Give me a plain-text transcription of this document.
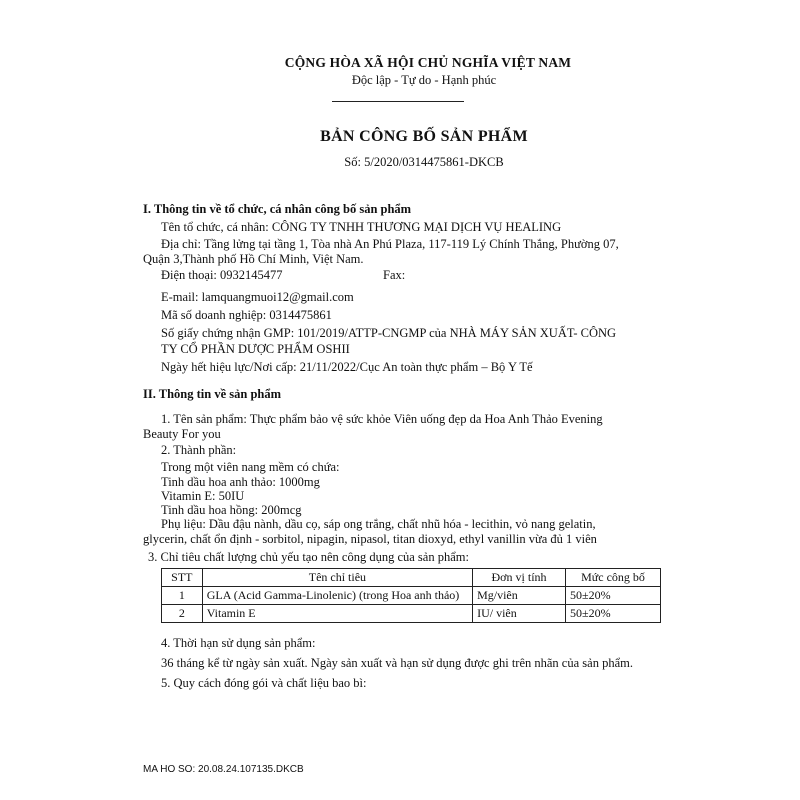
CỘNG HÒA XÃ HỘI CHỦ NGHĨA VIỆT NAM
Độc lập - Tự do - Hạnh phúc
BẢN CÔNG BỐ SẢN PHẨM
Số: 5/2020/0314475861-DKCB
I. Thông tin về tổ chức, cá nhân công bố sản phẩm
Tên tổ chức, cá nhân: CÔNG TY TNHH THƯƠNG MẠI DỊCH VỤ HEALING
Địa chỉ: Tầng lửng tại tầng 1, Tòa nhà An Phú Plaza, 117-119 Lý Chính Thắng, Phường 07,
Quận 3,Thành phố Hồ Chí Minh, Việt Nam.
Điện thoại: 0932145477	Fax:
E-mail: lamquangmuoi12@gmail.com
Mã số doanh nghiệp: 0314475861
Số giấy chứng nhận GMP: 101/2019/ATTP-CNGMP của NHÀ MÁY SẢN XUẤT- CÔNG
TY CỔ PHẦN DƯỢC PHẨM OSHII
Ngày hết hiệu lực/Nơi cấp: 21/11/2022/Cục An toàn thực phẩm – Bộ Y Tế
II. Thông tin về sản phẩm
1. Tên sản phẩm: Thực phẩm bảo vệ sức khỏe Viên uống đẹp da Hoa Anh Thảo Evening
Beauty For you
2. Thành phần:
Trong một viên nang mềm có chứa:
Tinh dầu hoa anh thảo: 1000mg
Vitamin E: 50IU
Tinh dầu hoa hồng: 200mcg
Phụ liệu: Dầu đậu nành, dầu cọ, sáp ong trắng, chất nhũ hóa - lecithin, vỏ nang gelatin,
glycerin, chất ổn định - sorbitol, nipagin, nipasol, titan dioxyd, ethyl vanillin vừa đủ 1 viên
3. Chỉ tiêu chất lượng chủ yếu tạo nên công dụng của sản phẩm:
STT	Tên chỉ tiêu	Đơn vị tính	Mức công bố
1	GLA (Acid Gamma-Linolenic) (trong Hoa anh thảo)	Mg/viên	50±20%
2	Vitamin E	IU/ viên	50±20%
4. Thời hạn sử dụng sản phẩm:
36 tháng kể từ ngày sản xuất. Ngày sản xuất và hạn sử dụng được ghi trên nhãn của sản phẩm.
5. Quy cách đóng gói và chất liệu bao bì:
MA HO SO: 20.08.24.107135.DKCB
